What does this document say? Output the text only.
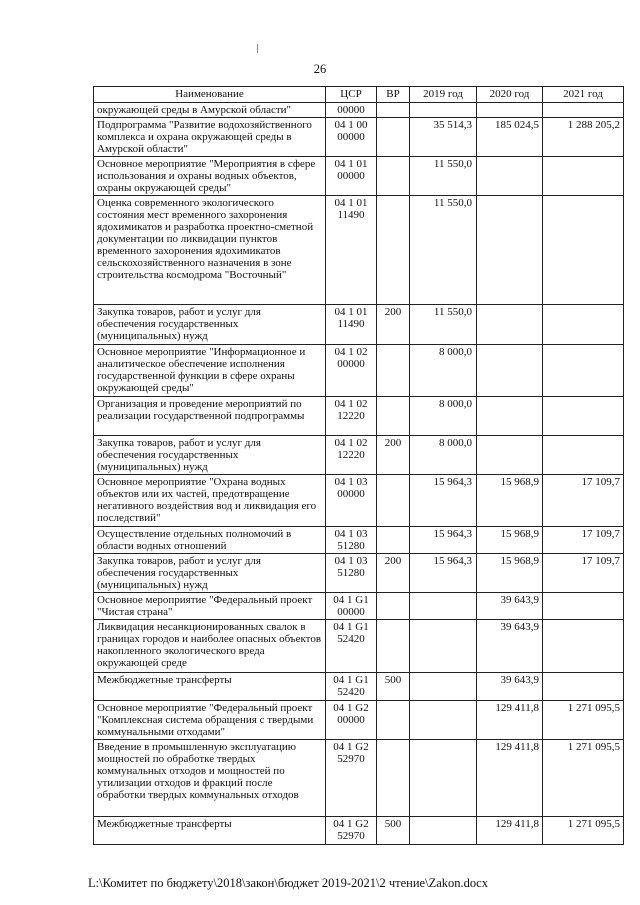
26
Наименование	ЦСР	ВР	2019 год	2020 год	2021 год
окружающей среды в Амурской области"	00000				
Подпрограмма "Развитие водохозяйственного комплекса и охрана окружающей среды в Амурской области"	04 1 00 00000		35 514,3	185 024,5	1 288 205,2
Основное мероприятие "Мероприятия в сфере использования и охраны водных объектов, охраны окружающей среды"	04 1 01 00000		11 550,0		
Оценка современного экологического состояния мест временного захоронения ядохимикатов и разработка проектно-сметной документации по ликвидации пунктов временного захоронения ядохимикатов сельскохозяйственного назначения в зоне строительства космодрома "Восточный"	04 1 01 11490		11 550,0		
Закупка товаров, работ и услуг для обеспечения государственных (муниципальных) нужд	04 1 01 11490	200	11 550,0		
Основное мероприятие "Информационное и аналитическое обеспечение исполнения государственной функции в сфере охраны окружающей среды"	04 1 02 00000		8 000,0		
Организация и проведение мероприятий по реализации государственной подпрограммы	04 1 02 12220		8 000,0		
Закупка товаров, работ и услуг для обеспечения государственных (муниципальных) нужд	04 1 02 12220	200	8 000,0		
Основное мероприятие "Охрана водных объектов или их частей, предотвращение негативного воздействия вод и ликвидация его последствий"	04 1 03 00000		15 964,3	15 968,9	17 109,7
Осуществление отдельных полномочий в области водных отношений	04 1 03 51280		15 964,3	15 968,9	17 109,7
Закупка товаров, работ и услуг для обеспечения государственных (муниципальных) нужд	04 1 03 51280	200	15 964,3	15 968,9	17 109,7
Основное мероприятие "Федеральный проект "Чистая страна"	04 1 G1 00000			39 643,9	
Ликвидация несанкционированных свалок в границах городов и наиболее опасных объектов накопленного экологического вреда окружающей среде	04 1 G1 52420			39 643,9	
Межбюджетные трансферты	04 1 G1 52420	500		39 643,9	
Основное мероприятие "Федеральный проект "Комплексная система обращения с твердыми коммунальными отходами"	04 1 G2 00000			129 411,8	1 271 095,5
Введение в промышленную эксплуатацию мощностей по обработке твердых коммунальных отходов и мощностей по утилизации отходов и фракций после обработки твердых коммунальных отходов	04 1 G2 52970			129 411,8	1 271 095,5
Межбюджетные трансферты	04 1 G2 52970	500		129 411,8	1 271 095,5
L:\Комитет по бюджету\2018\закон\бюджет 2019-2021\2 чтение\Zakon.docx
